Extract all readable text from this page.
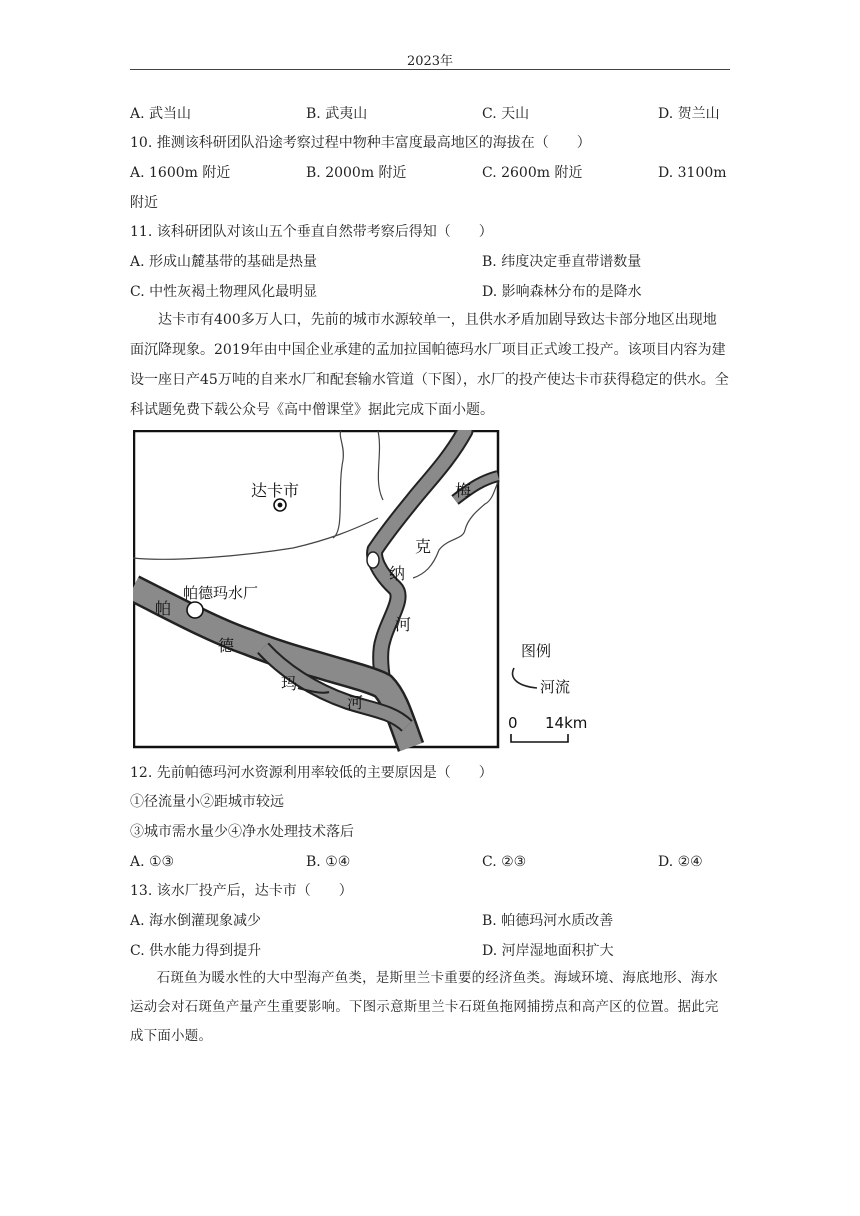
2023年
A. 武当山	B. 武夷山	C. 天山	D. 贺兰山
10. 推测该科研团队沿途考察过程中物种丰富度最高地区的海拔在（　　）
A. 1600m 附近	B. 2000m 附近	C. 2600m 附近	D. 3100m
附近
11. 该科研团队对该山五个垂直自然带考察后得知（　　）
A. 形成山麓基带的基础是热量	B. 纬度决定垂直带谱数量
C. 中性灰褐土物理风化最明显	D. 影响森林分布的是降水
达卡市有400多万人口，先前的城市水源较单一，且供水矛盾加剧导致达卡部分地区出现地面沉降现象。2019年由中国企业承建的孟加拉国帕德玛水厂项目正式竣工投产。该项目内容为建设一座日产45万吨的自来水厂和配套输水管道（下图），水厂的投产使达卡市获得稳定的供水。全科试题免费下载公众号《高中僧课堂》据此完成下面小题。
达卡市
帕德玛水厂
梅
克
纳
河
帕
德
玛
河
图例
河流
0 14km
12. 先前帕德玛河水资源利用率较低的主要原因是（　　）
①径流量小②距城市较远
③城市需水量少④净水处理技术落后
A. ①③	B. ①④	C. ②③	D. ②④
13. 该水厂投产后，达卡市（　　）
A. 海水倒灌现象减少	B. 帕德玛河水质改善
C. 供水能力得到提升	D. 河岸湿地面积扩大
石斑鱼为暖水性的大中型海产鱼类，是斯里兰卡重要的经济鱼类。海域环境、海底地形、海水运动会对石斑鱼产量产生重要影响。下图示意斯里兰卡石斑鱼拖网捕捞点和高产区的位置。据此完成下面小题。
